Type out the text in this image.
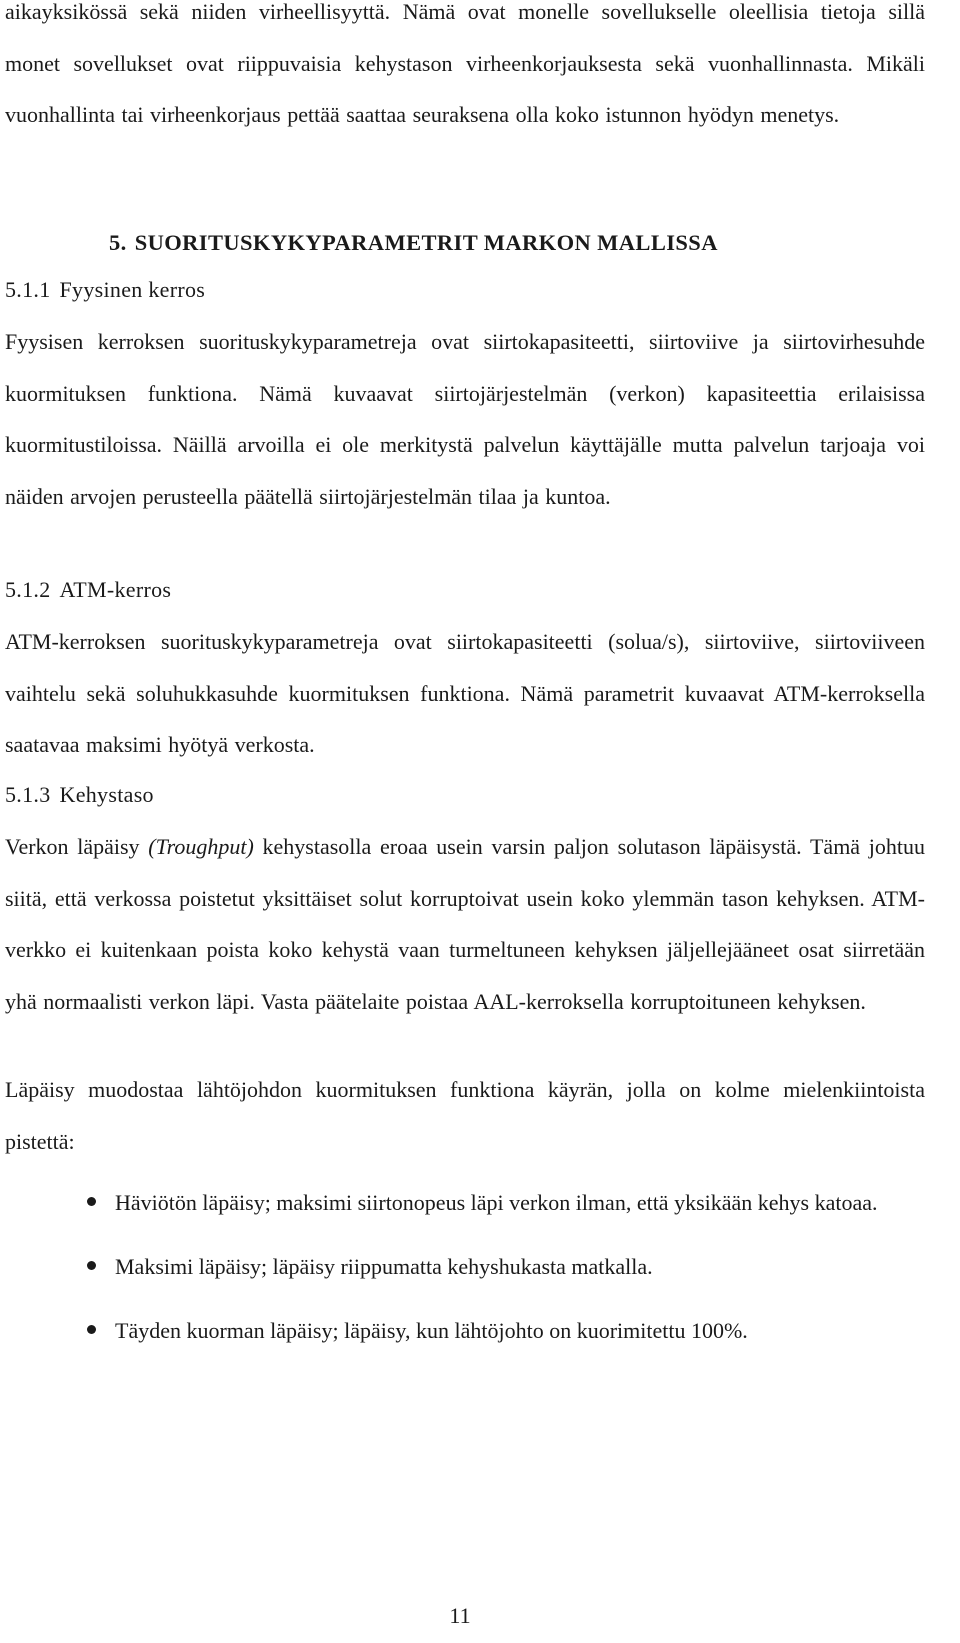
aikayksikössä sekä niiden virheellisyyttä. Nämä ovat monelle sovellukselle oleellisia tietoja sillä monet sovellukset ovat riippuvaisia kehystason virheenkorjauksesta sekä vuonhallinnasta. Mikäli vuonhallinta tai virheenkorjaus pettää saattaa seuraksena olla koko istunnon hyödyn menetys.

5. SUORITUSKYKYPARAMETRIT MARKON MALLISSA
5.1.1 Fyysinen kerros

Fyysisen kerroksen suorituskykyparametreja ovat siirtokapasiteetti, siirtoviive ja siirtovirhesuhde kuormituksen funktiona. Nämä kuvaavat siirtojärjestelmän (verkon) kapasiteettia erilaisissa kuormitustiloissa. Näillä arvoilla ei ole merkitystä palvelun käyttäjälle mutta palvelun tarjoaja voi näiden arvojen perusteella päätellä siirtojärjestelmän tilaa ja kuntoa.

5.1.2 ATM-kerros

ATM-kerroksen suorituskykyparametreja ovat siirtokapasiteetti (solua/s), siirtoviive, siirtoviiveen vaihtelu sekä soluhukkasuhde kuormituksen funktiona. Nämä parametrit kuvaavat ATM-kerroksella saatavaa maksimi hyötyä verkosta.

5.1.3 Kehystaso

Verkon läpäisy (Troughput) kehystasolla eroaa usein varsin paljon solutason läpäisystä. Tämä johtuu siitä, että verkossa poistetut yksittäiset solut korruptoivat usein koko ylemmän tason kehyksen. ATM-verkko ei kuitenkaan poista koko kehystä vaan turmeltuneen kehyksen jäljellejääneet osat siirretään yhä normaalisti verkon läpi. Vasta päätelaite poistaa AAL-kerroksella korruptoituneen kehyksen.

Läpäisy muodostaa lähtöjohdon kuormituksen funktiona käyrän, jolla on kolme mielenkiintoista pistettä:

Häviötön läpäisy; maksimi siirtonopeus läpi verkon ilman, että yksikään kehys katoaa.
Maksimi läpäisy; läpäisy riippumatta kehyshukasta matkalla.
Täyden kuorman läpäisy; läpäisy, kun lähtöjohto on kuorimitettu 100%.
11
